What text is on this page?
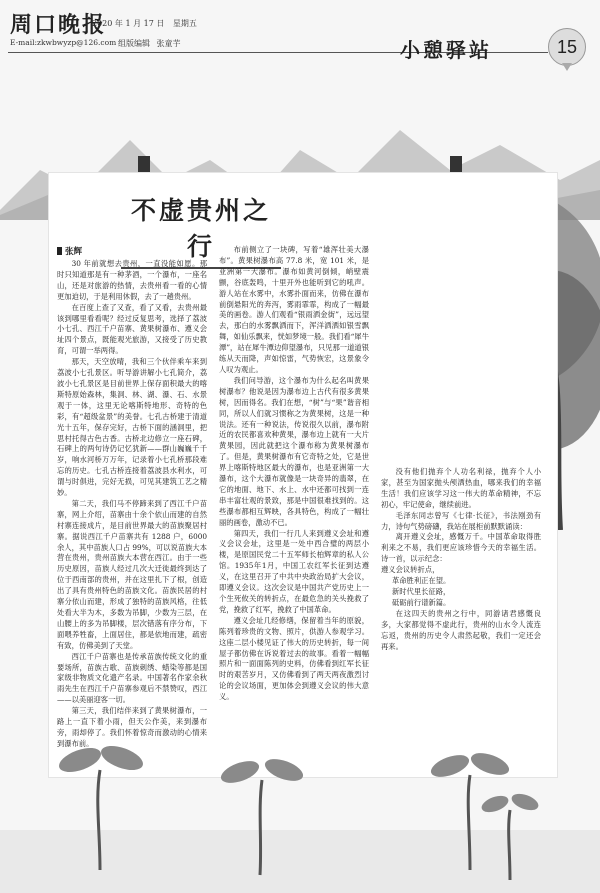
周口晚报
2020 年 1 月 17 日 星期五
E-mail:zkwbwyzp@126.com 组版编辑 张童芋	小憩驿站	15
不虚贵州之行
张辉

30 年前就想去贵州，一直没能如愿。那时只知道那是有一种茅酒，一个瀑布，一座名山，还是对旅游的热情，去贵州看一看的心情更加迫切，于是利用休假，去了一趟贵州。

在百度上查了又查，看了又看，去贵州最该到哪里看看呢？经过反复思考，选择了荔波小七孔、西江千户苗寨、黄果树瀑布、遵义会址四个景点，既能观光旅游，又接受了历史教育，可谓一举两得。

那天，天空放晴，我和三个伙伴乘车来到荔波小七孔景区。听导游讲解小七孔简介，荔波小七孔景区是目前世界上保存面积最大的喀斯特原始森林，集洞、林、湖、瀑、石、水景观于一体，这里无论喀斯特地形、奇特的色彩，有“超级盆景”的美誉。七孔古桥建于清道光十五年，保存完好，古桥下面的涵洞里，把思村托得古色古香。古桥北边修立一座石碑，石碑上的两句诗仍记忆犹新——群山巍巍千千岁，响水河桥万万年，记录着小七孔桥那段难忘的历史。七孔古桥连接着荔波县水利水，可谓与时俱进，完好无损，可见其建筑工艺之精妙。

第二天，我们马不停蹄来到了西江千户苗寨，网上介绍，苗寨由十余个依山而建的自然村寨连接成片，是目前世界最大的苗族聚居村寨。据说西江千户苗寨共有 1288 户，6000 余人，其中苗族人口占 99%，可以说苗族大本营在贵州，贵州苗族大本营在西江。由于一些历史原因，苗族人经过几次大迁徙最终到达了位于西南部的贵州，并在这里扎下了根，创造出了具有贵州特色的苗族文化。苗族民居的村寨分依山而建，形成了独特的苗族风格，往低处看大半为木，多数为吊脚，少数为三层，在山腰上的多为吊脚楼，层次错落有序分布，下面喂养牲畜，上面居住，都是依地而建，疏密有致，仿佛美到了天堂。

西江千户苗寨也是传承苗族传统文化的重要场所，苗族古歌、苗族刺绣、蜡染等都是国家级非物质文化遗产名录。中国著名作家余秋雨先生在西江千户苗寨参观后不禁赞叹，西江——以美丽迎客一切。

第三天，我们结伴来到了黄果树瀑布，一路上一直下着小雨，但天公作美，来到瀑布旁，雨却停了。我们怀着惊奇而激动的心情来到瀑布前。

布前侧立了一块碑，写着“雄浑壮美大瀑布”。黄果树瀑布高 77.8 米，宽 101 米，是亚洲第一大瀑布。瀑布如黄河倒倾，峭壁震颤，谷底轰鸣，十里开外也能听到它的吼声。游人站在水雾中，水雾扑面而来，仿佛在瀑布前倒悬阳光的奔泻，雾雨霏霏，构成了一幅最美的画卷。游人们观看“银雨洒金街”，远远望去，那白的水雾飘洒而下，浑洋洒洒如银雪飘舞，如仙乐飘来，恍如梦境一般。我们看“犀牛潭”，站在犀牛潭边仰望瀑布，只见那一道道银练从天而降，声如惊雷，气势恢宏，这景象令人叹为观止。

我们问导游，这个瀑布为什么起名叫黄果树瀑布？他说是因为瀑布边上古代有很多黄果树，因而得名。我们在想，“树”与“果”谐音相同，所以人们就习惯称之为黄果树，这是一种说法。还有一种说法，传说很久以前，瀑布附近的农民都喜欢种黄果，瀑布边上就有一大片黄果园，因此就把这个瀑布称为黄果树瀑布了。但是，黄果树瀑布有它奇特之处，它是世界上喀斯特地区最大的瀑布，也是亚洲第一大瀑布，这个大瀑布就像是一块奇异的翡翠，在它的地面、地下、水上、水中还都可找到一连串丰富壮观的景致，那是中国很难找到的。这些瀑布都相互辉映，各具特色，构成了一幅壮丽的画卷，激动不已。

第四天，我们一行几人来到遵义会址和遵义会议会址，这里是一处中西合璧的两层小楼，是原国民党二十五军师长柏辉章的私人公馆。1935年1月，中国工农红军长征到达遵义，在这里召开了中共中央政治局扩大会议，即遵义会议。这次会议是中国共产党历史上一个生死攸关的转折点，在最危急的关头挽救了党，挽救了红军，挽救了中国革命。

遵义会址几经修缮，保留着当年的原貌，陈列着珍贵的文物、照片，供游人参观学习。这座二层小楼见证了伟大的历史转折，每一间屋子都仿佛在诉说着过去的故事。看着一幅幅照片和一面面陈列的史料，仿佛看到红军长征时的艰苦岁月，又仿佛看到了两天两夜激烈讨论的会议场面，更加体会到遵义会议的伟大意义。

没有他们抛弃个人功名利禄，抛弃个人小家，甚至为国家抛头颅洒热血，哪来我们的幸福生活！我们应该学习这一伟大的革命精神，不忘初心，牢记使命，继续前进。

毛泽东同志曾写《七律·长征》，书法刚劲有力，诗句气势磅礴，我站在展柜前默默诵读：

离开遵义会址，感慨万千。中国革命取得胜利来之不易，我们更应该珍惜今天的幸福生活。诗一首，以示纪念：

遵义会议转折点，

革命胜利正在望。

新时代里长征路，

砥砺前行谱新篇。

在这四天的贵州之行中，同游诸君感慨良多，大家都觉得不虚此行，贵州的山水令人流连忘返，贵州的历史令人肃然起敬，我们一定还会再来。
